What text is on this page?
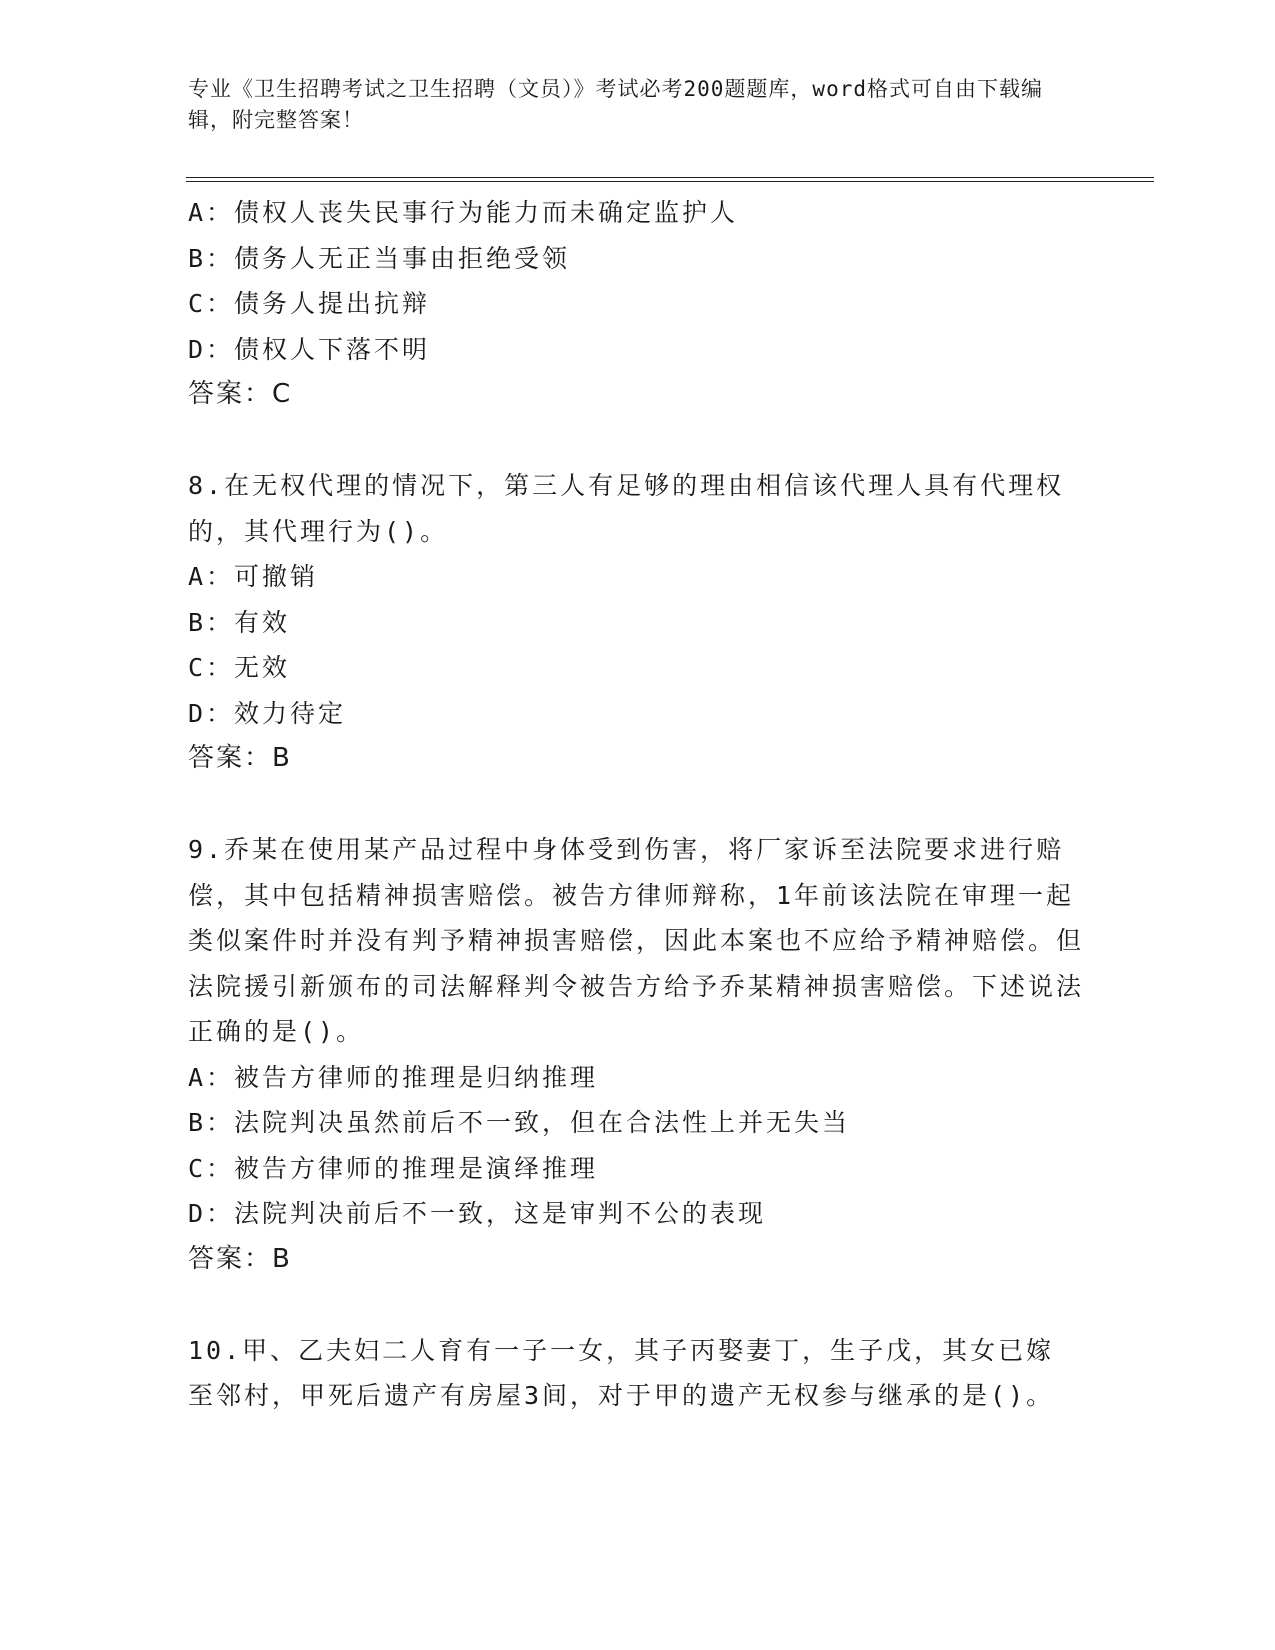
专业《卫生招聘考试之卫生招聘（文员）》考试必考200题题库，word格式可自由下载编辑，附完整答案！

A：债权人丧失民事行为能力而未确定监护人

B：债务人无正当事由拒绝受领

C：债务人提出抗辩

D：债权人下落不明

答案：C

8.在无权代理的情况下，第三人有足够的理由相信该代理人具有代理权的，其代理行为()。

A：可撤销

B：有效

C：无效

D：效力待定

答案：B

9.乔某在使用某产品过程中身体受到伤害，将厂家诉至法院要求进行赔偿，其中包括精神损害赔偿。被告方律师辩称，1年前该法院在审理一起类似案件时并没有判予精神损害赔偿，因此本案也不应给予精神赔偿。但法院援引新颁布的司法解释判令被告方给予乔某精神损害赔偿。下述说法正确的是()。

A：被告方律师的推理是归纳推理

B：法院判决虽然前后不一致，但在合法性上并无失当

C：被告方律师的推理是演绎推理

D：法院判决前后不一致，这是审判不公的表现

答案：B

10.甲、乙夫妇二人育有一子一女，其子丙娶妻丁，生子戊，其女已嫁至邻村，甲死后遗产有房屋3间，对于甲的遗产无权参与继承的是()。
